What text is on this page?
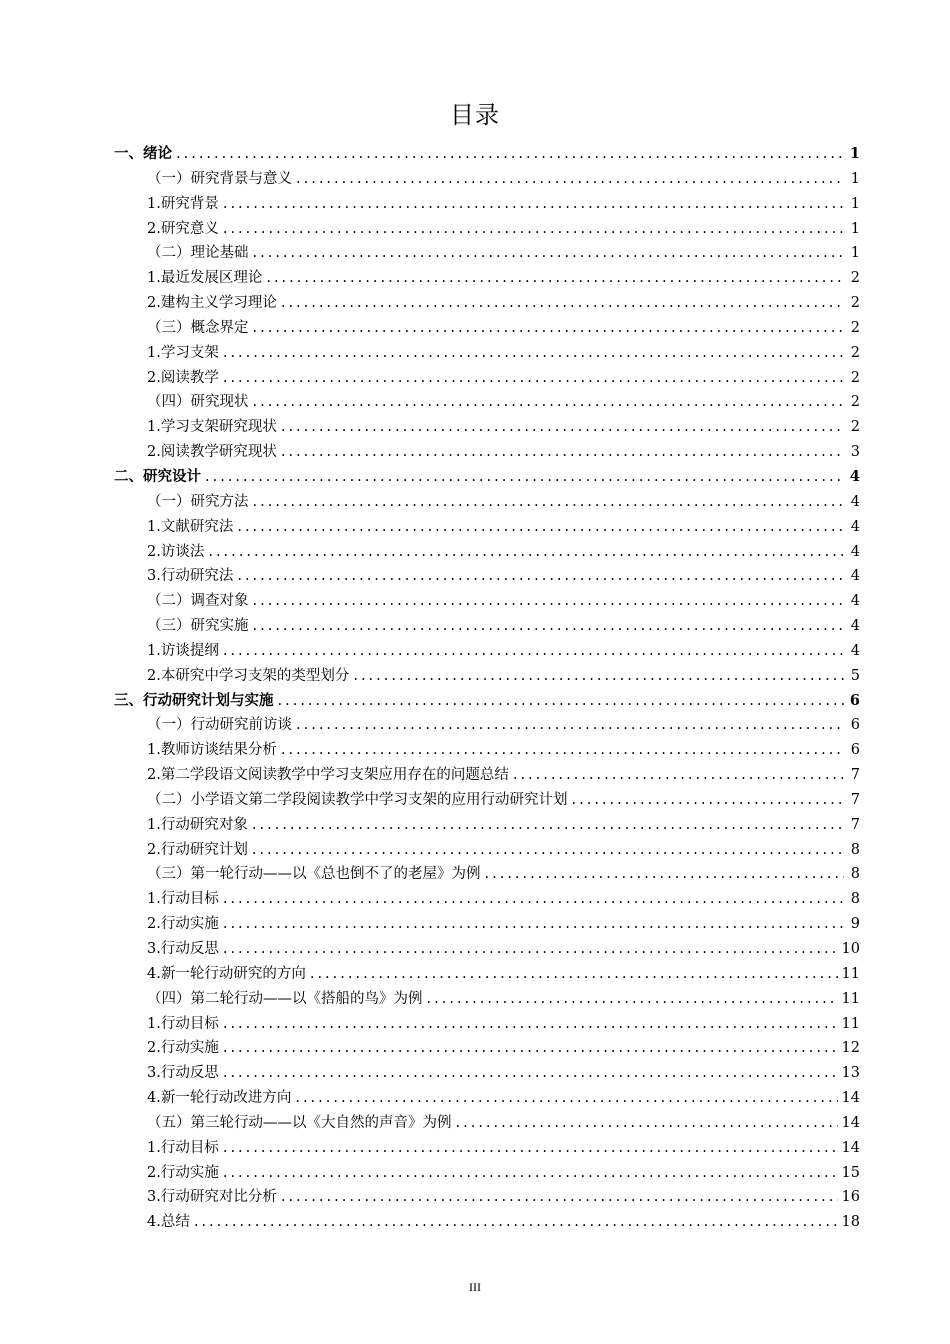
目录
一、绪论 .....	1
（一）研究背景与意义 .....	1
1.研究背景 .....	1
2.研究意义 .....	1
（二）理论基础 .....	1
1.最近发展区理论 .....	2
2.建构主义学习理论 .....	2
（三）概念界定 .....	2
1.学习支架 .....	2
2.阅读教学 .....	2
（四）研究现状 .....	2
1.学习支架研究现状 .....	2
2.阅读教学研究现状 .....	3
二、研究设计 .....	4
（一）研究方法 .....	4
1.文献研究法 .....	4
2.访谈法 .....	4
3.行动研究法 .....	4
（二）调查对象 .....	4
（三）研究实施 .....	4
1.访谈提纲 .....	4
2.本研究中学习支架的类型划分 .....	5
三、行动研究计划与实施 .....	6
（一）行动研究前访谈 .....	6
1.教师访谈结果分析 .....	6
2.第二学段语文阅读教学中学习支架应用存在的问题总结 .....	7
（二）小学语文第二学段阅读教学中学习支架的应用行动研究计划 .....	7
1.行动研究对象 .....	7
2.行动研究计划 .....	8
（三）第一轮行动——以《总也倒不了的老屋》为例 .....	8
1.行动目标 .....	8
2.行动实施 .....	9
3.行动反思 .....	10
4.新一轮行动研究的方向 .....	11
（四）第二轮行动——以《搭船的鸟》为例 .....	11
1.行动目标 .....	11
2.行动实施 .....	12
3.行动反思 .....	13
4.新一轮行动改进方向 .....	14
（五）第三轮行动——以《大自然的声音》为例 .....	14
1.行动目标 .....	14
2.行动实施 .....	15
3.行动研究对比分析 .....	16
4.总结 .....	18
III
